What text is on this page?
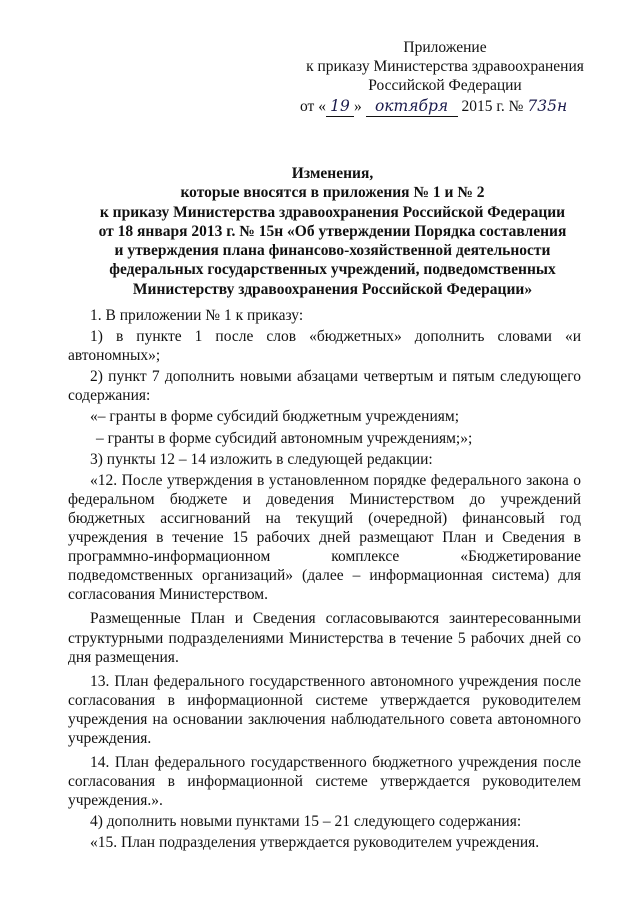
Приложение
к приказу Министерства здравоохранения
Российской Федерации
от « 19 » октября 2015 г. № 735н
Изменения,
которые вносятся в приложения № 1 и № 2
к приказу Министерства здравоохранения Российской Федерации
от 18 января 2013 г. № 15н «Об утверждении Порядка составления
и утверждения плана финансово-хозяйственной деятельности
федеральных государственных учреждений, подведомственных
Министерству здравоохранения Российской Федерации»

1. В приложении № 1 к приказу:

1) в пункте 1 после слов «бюджетных» дополнить словами «и автономных»;

2) пункт 7 дополнить новыми абзацами четвертым и пятым следующего содержания:

«– гранты в форме субсидий бюджетным учреждениям;

– гранты в форме субсидий автономным учреждениям;»;

3) пункты 12 – 14 изложить в следующей редакции:

«12. После утверждения в установленном порядке федерального закона о федеральном бюджете и доведения Министерством до учреждений бюджетных ассигнований на текущий (очередной) финансовый год учреждения в течение 15 рабочих дней размещают План и Сведения в программно-информационном комплексе «Бюджетирование подведомственных организаций» (далее – информационная система) для согласования Министерством.

Размещенные План и Сведения согласовываются заинтересованными структурными подразделениями Министерства в течение 5 рабочих дней со дня размещения.

13. План федерального государственного автономного учреждения после согласования в информационной системе утверждается руководителем учреждения на основании заключения наблюдательного совета автономного учреждения.

14. План федерального государственного бюджетного учреждения после согласования в информационной системе утверждается руководителем учреждения.».

4) дополнить новыми пунктами 15 – 21 следующего содержания:

«15. План подразделения утверждается руководителем учреждения.
